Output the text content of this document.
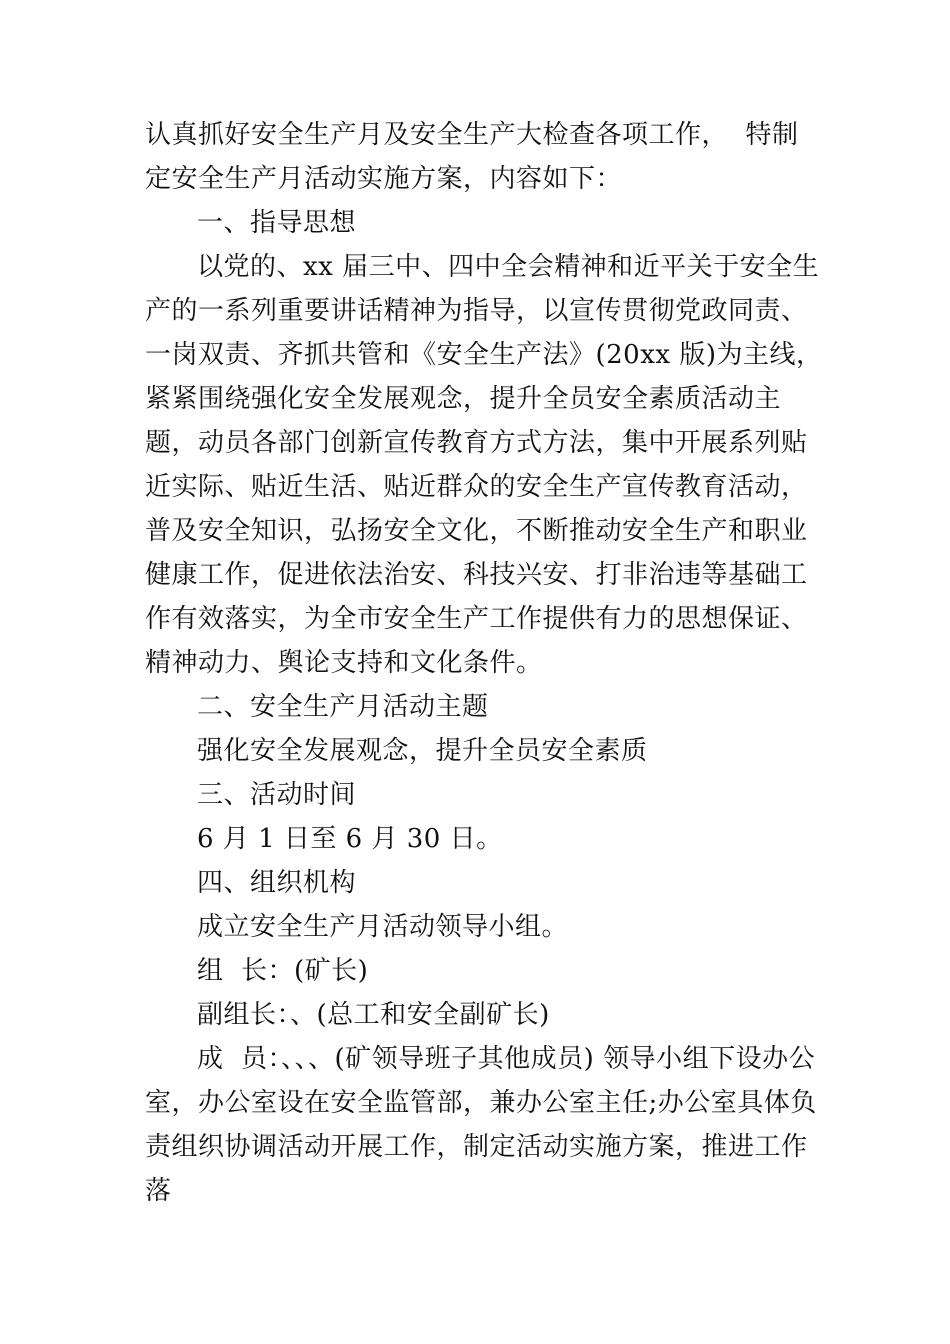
认真抓好安全生产月及安全生产大检查各项工作，  特制定安全生产月活动实施方案，内容如下：

一、指导思想

以党的、xx 届三中、四中全会精神和近平关于安全生产的一系列重要讲话精神为指导，以宣传贯彻党政同责、一岗双责、齐抓共管和《安全生产法》(20xx 版)为主线，紧紧围绕强化安全发展观念，提升全员安全素质活动主题，动员各部门创新宣传教育方式方法，集中开展系列贴近实际、贴近生活、贴近群众的安全生产宣传教育活动，普及安全知识，弘扬安全文化，不断推动安全生产和职业健康工作，促进依法治安、科技兴安、打非治违等基础工作有效落实，为全市安全生产工作提供有力的思想保证、精神动力、舆论支持和文化条件。

二、安全生产月活动主题

强化安全发展观念，提升全员安全素质

三、活动时间

6 月 1 日至 6 月 30 日。

四、组织机构

成立安全生产月活动领导小组。

组  长：(矿长)

副组长：、(总工和安全副矿长)

成  员：、、、(矿领导班子其他成员) 领导小组下设办公室，办公室设在安全监管部，兼办公室主任;办公室具体负责组织协调活动开展工作，制定活动实施方案，推进工作落
